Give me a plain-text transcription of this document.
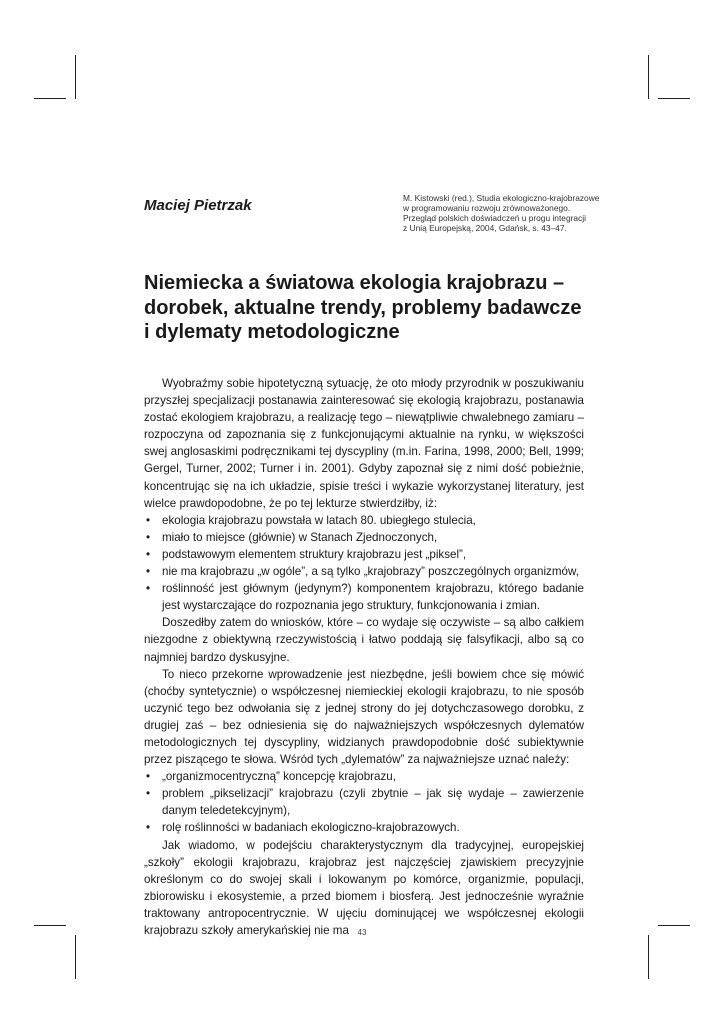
Maciej Pietrzak	M. Kistowski (red.), Studia ekologiczno-krajobrazowe
w programowaniu rozwoju zrównoważonego.
Przegląd polskich doświadczeń u progu integracji
z Unią Europejską, 2004, Gdańsk, s. 43–47.
Niemiecka a światowa ekologia krajobrazu –
dorobek, aktualne trendy, problemy badawcze
i dylematy metodologiczne

Wyobraźmy sobie hipotetyczną sytuację, że oto młody przyrodnik w poszukiwaniu przyszłej specjalizacji postanawia zainteresować się ekologią krajobrazu, postanawia zostać ekologiem krajobrazu, a realizację tego – niewątpliwie chwalebnego zamiaru – rozpoczyna od zapoznania się z funkcjonującymi aktualnie na rynku, w większości swej anglosaskimi podręcznikami tej dyscypliny (m.in. Farina, 1998, 2000; Bell, 1999; Gergel, Turner, 2002; Turner i in. 2001). Gdyby zapoznał się z nimi dość pobieżnie, koncentrując się na ich układzie, spisie treści i wykazie wykorzystanej literatury, jest wielce prawdopodobne, że po tej lekturze stwierdziłby, iż:

• ekologia krajobrazu powstała w latach 80. ubiegłego stulecia,
• miało to miejsce (głównie) w Stanach Zjednoczonych,
• podstawowym elementem struktury krajobrazu jest „piksel”,
• nie ma krajobrazu „w ogóle”, a są tylko „krajobrazy” poszczególnych organizmów,
• roślinność jest głównym (jedynym?) komponentem krajobrazu, którego badanie jest wystarczające do rozpoznania jego struktury, funkcjonowania i zmian.

Doszedłby zatem do wniosków, które – co wydaje się oczywiste – są albo całkiem niezgodne z obiektywną rzeczywistością i łatwo poddają się falsyfikacji, albo są co najmniej bardzo dyskusyjne.

To nieco przekorne wprowadzenie jest niezbędne, jeśli bowiem chce się mówić (choćby syntetycznie) o współczesnej niemieckiej ekologii krajobrazu, to nie sposób uczynić tego bez odwołania się z jednej strony do jej dotychczasowego dorobku, z drugiej zaś – bez odniesienia się do najważniejszych współczesnych dylematów metodologicznych tej dyscypliny, widzianych prawdopodobnie dość subiektywnie przez piszącego te słowa. Wśród tych „dylematów” za najważniejsze uznać należy:

• „organizmocentryczną” koncepcję krajobrazu,
• problem „pikselizacji” krajobrazu (czyli zbytnie – jak się wydaje – zawierzenie danym teledetekcyjnym),
• rolę roślinności w badaniach ekologiczno-krajobrazowych.

Jak wiadomo, w podejściu charakterystycznym dla tradycyjnej, europejskiej „szkoły” ekologii krajobrazu, krajobraz jest najczęściej zjawiskiem precyzyjnie określonym co do swojej skali i lokowanym po komórce, organizmie, populacji, zbiorowisku i ekosystemie, a przed biomem i biosferą. Jest jednocześnie wyraźnie traktowany antropocentrycznie. W ujęciu dominującej we współczesnej ekologii krajobrazu szkoły amerykańskiej nie ma	43
